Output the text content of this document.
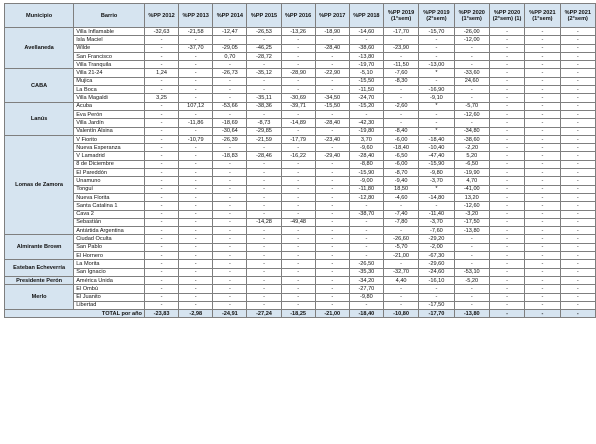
Municipio	Barrio	%PP 2012	%PP 2013	%PP 2014	%PP 2015	%PP 2016	%PP 2017	%PP 2018	%PP 2019 (1°sem)	%PP 2019 (2°sem)	%PP 2020 (1°sem)	%PP 2020 (2°sem) (1)	%PP 2021 (1°sem)	%PP 2021 (2°sem)
Avellaneda	Villa Inflamable	-32,63	-21,58	-12,47	-26,53	-13,26	-18,90	-14,60	-17,70	-15,70	-26,00	-	-	-
	Isla Maciel	-	-	-	-	-	-	-	-	-	-12,00	-	-	-
	Wilde	-	-37,70	-29,05	-46,25	-	-28,40	-38,60	-23,90	-	-	-	-	-
	San Francisco	-	-	0,70	-28,72	-	-	-13,80	-	-	-	-	-	-
	Villa Tranquila	-	-	-	-	-	-	-19,70	-11,50	-13,00	-	-	-	-
CABA	Villa 21-24	1,24	-	-26,73	-35,12	-28,90	-22,90	-5,10	-7,60	*	-33,60	-	-	-
	Mujica	-	-	-	-	-	-	-15,50	-8,30	-	24,60	-	-	-
	La Boca	-	-	-	-	-	-	-11,50	-	-16,90	-	-	-	-
	Villa Magaldi	3,25	-	-	-35,11	-30,69	-34,50	-24,70	-	-9,10	-	-	-	-
Lanús	Acuba	-	107,12	-53,66	-38,36	-39,71	-15,50	-15,20	-2,60	*	-5,70	-	-	-
	Eva Perón	-	-	-	-	-	-	-	-	-	-12,60	-	-	-
	Villa Jardín	-	-11,86	-18,69	-8,73	-14,89	-28,40	-42,30	-	-	-	-	-	-
	Valentín Alsina	-	-	-30,64	-29,85	-	-	-19,80	-8,40	*	-34,80	-	-	-
Lomas de Zamora	V Fiorito	-	-10,79	-26,39	-21,59	-17,79	-23,40	3,70	-6,00	-18,40	-38,60	-	-	-
	Nueva Esperanza	-	-	-	-	-	-	-9,60	-18,40	-10,40	-2,20	-	-	-
	V Lamadrid	-	-	-18,83	-28,46	-16,22	-29,40	-28,40	-6,50	-47,40	5,20	-	-	-
	8 de Diciembre	-	-	-	-	-	-	-8,80	-6,00	-15,90	-6,50	-	-	-
	El Pareddón	-	-	-	-	-	-	-15,90	-8,70	-9,80	-19,90	-	-	-
	Unamuno	-	-	-	-	-	-	-9,00	-9,40	-3,70	4,70	-	-	-
	Tonguí	-	-	-	-	-	-	-11,80	18,50	*	-41,00	-	-	-
	Nueva Florita	-	-	-	-	-	-	-12,80	-4,60	-14,80	13,20	-	-	-
	Santa Catalina 1	-	-	-	-	-	-	-	-	-	-12,60	-	-	-
	Cava 2	-	-	-	-	-	-	-38,70	-7,40	-11,40	-3,20	-	-	-
	Sebastián	-	-	-	-14,28	-49,48	-	-	-7,80	-3,70	-17,50	-	-	-
	Antártida Argentina	-	-	-	-	-	-	-	-	-7,60	-13,80	-	-	-
Almirante Brown	Ciudad Oculta	-	-	-	-	-	-	-	-26,60	-29,20	-	-	-	-
	San Pablo	-	-	-	-	-	-	-	-5,70	-2,00	-	-	-	-
	El Hornero	-	-	-	-	-	-	-	-21,00	-67,30	-	-	-	-
Esteban Echeverría	La Morita	-	-	-	-	-	-	-26,50	-	-29,60	-	-	-	-
	San Ignacio	-	-	-	-	-	-	-35,30	-32,70	-24,60	-53,10	-	-	-
Presidente Perón	América Unida	-	-	-	-	-	-	-34,20	4,40	-16,10	-5,20	-	-	-
Merlo	El Ombú	-	-	-	-	-	-	-27,70	-	-	-	-	-	-
	El Juanito	-	-	-	-	-	-	-9,80	-	-	-	-	-	-
	Libertad	-	-	-	-	-	-	-	-	-17,50	-	-	-	-
TOTAL por año		-23,83	-2,98	-24,91	-27,24	-18,25	-21,00	-18,40	-10,80	-17,70	-13,80	-	-	-
